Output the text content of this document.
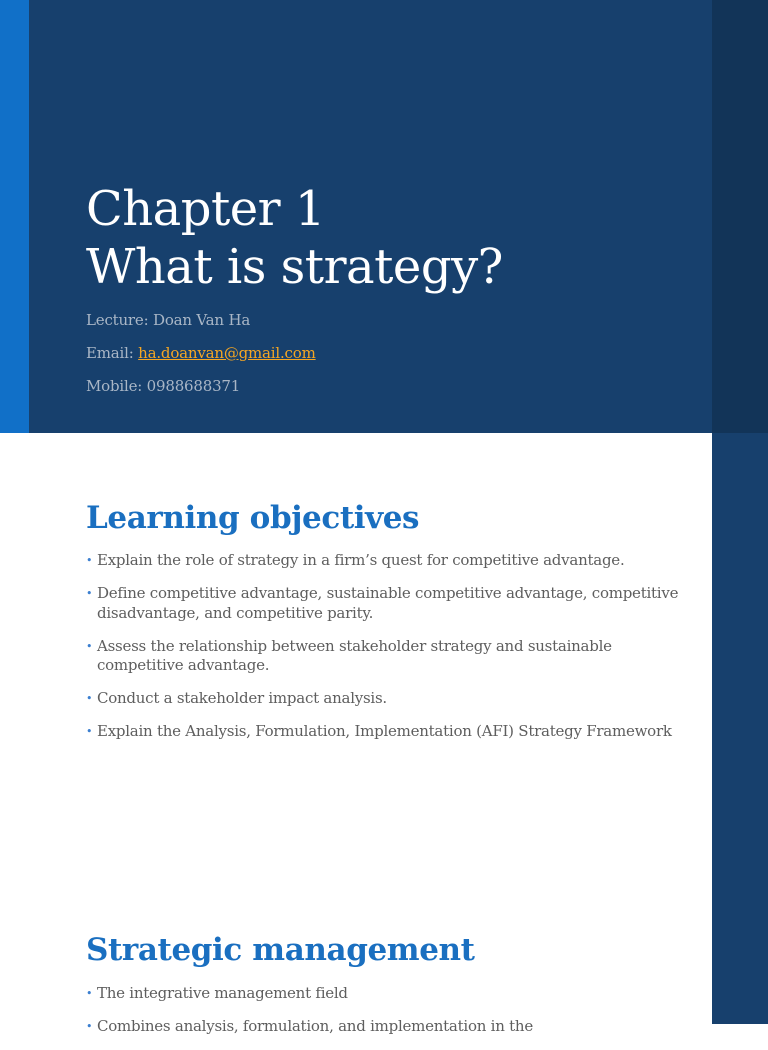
Chapter 1
What is strategy?
Lecture: Doan Van Ha
Email: ha.doanvan@gmail.com
Mobile: 0988688371
Learning objectives
• Explain the role of strategy in a firm’s quest for competitive advantage.
• Define competitive advantage, sustainable competitive advantage, competitive disadvantage, and competitive parity.
• Assess the relationship between stakeholder strategy and sustainable competitive advantage.
• Conduct a stakeholder impact analysis.
• Explain the Analysis, Formulation, Implementation (AFI) Strategy Framework
Strategic management
• The integrative management field
• Combines analysis, formulation, and implementation in the
